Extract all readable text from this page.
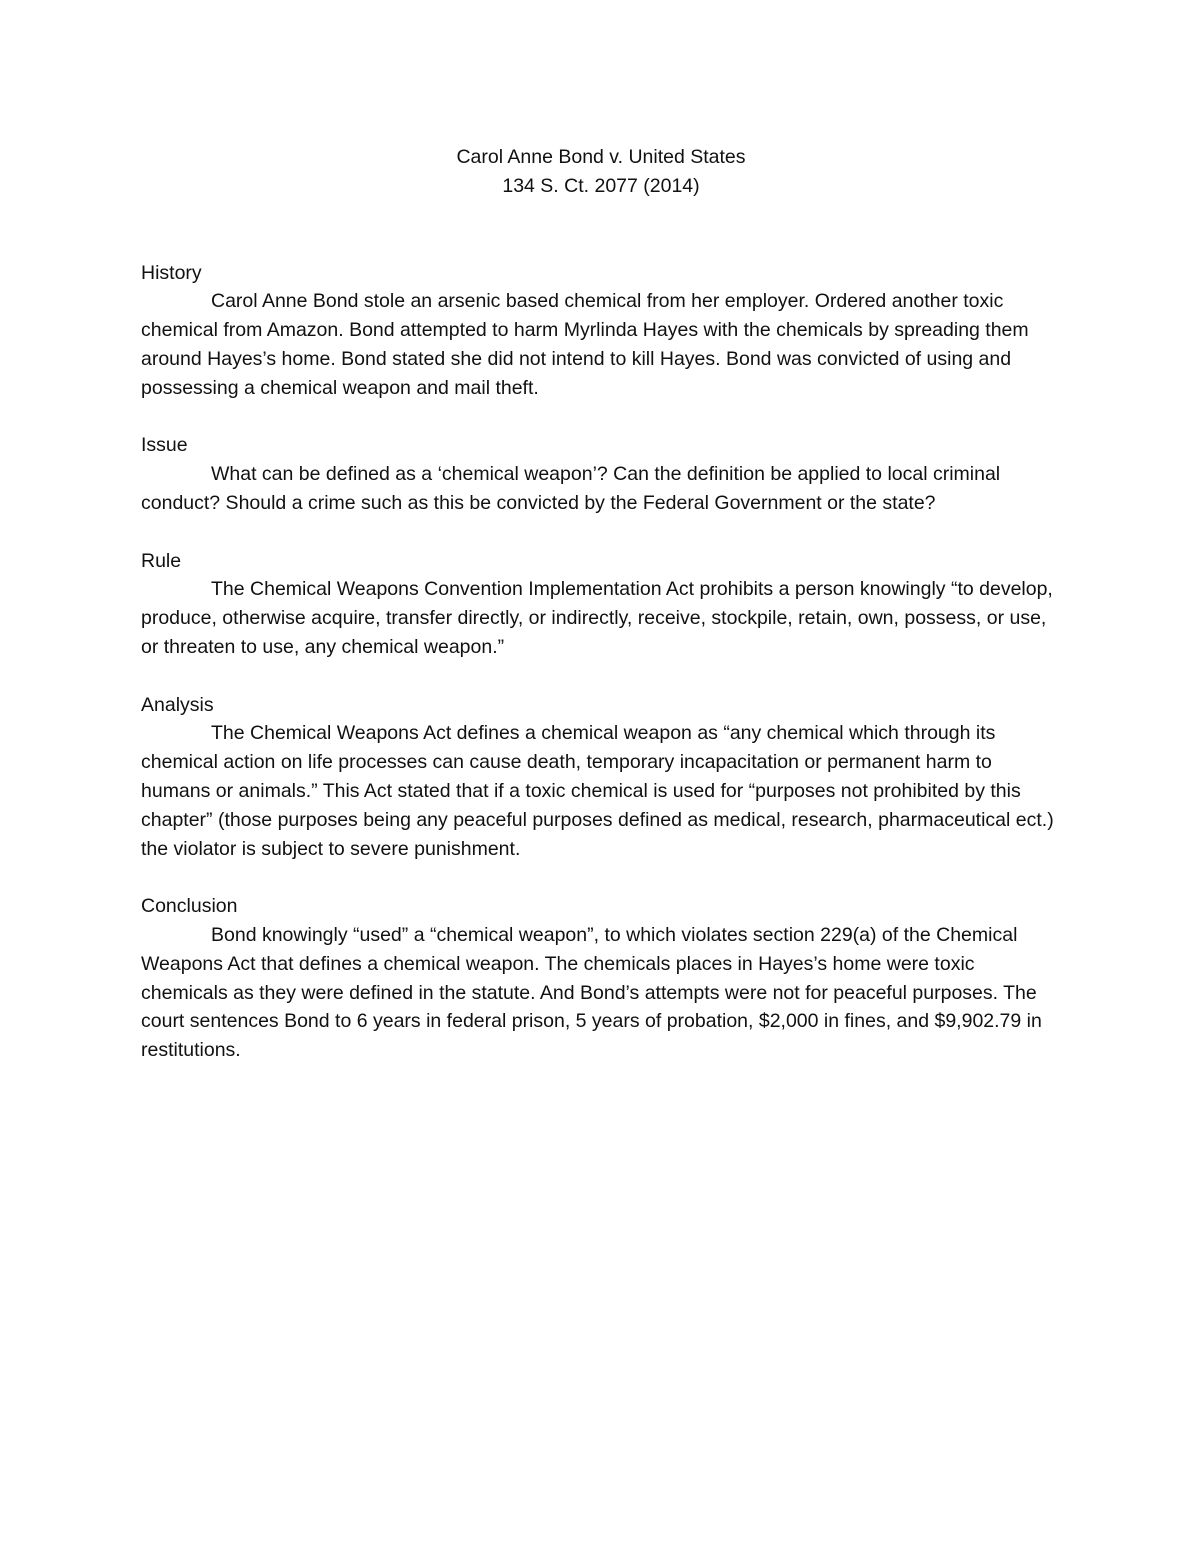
Carol Anne Bond v. United States
134 S. Ct. 2077 (2014)
History
Carol Anne Bond stole an arsenic based chemical from her employer. Ordered another toxic chemical from Amazon. Bond attempted to harm Myrlinda Hayes with the chemicals by spreading them around Hayes’s home. Bond stated she did not intend to kill Hayes. Bond was convicted of using and possessing a chemical weapon and mail theft.
Issue
What can be defined as a ‘chemical weapon’? Can the definition be applied to local criminal conduct? Should a crime such as this be convicted by the Federal Government or the state?
Rule
The Chemical Weapons Convention Implementation Act prohibits a person knowingly “to develop, produce, otherwise acquire, transfer directly, or indirectly, receive, stockpile, retain, own, possess, or use, or threaten to use, any chemical weapon.”
Analysis
The Chemical Weapons Act defines a chemical weapon as “any chemical which through its chemical action on life processes can cause death, temporary incapacitation or permanent harm to humans or animals.” This Act stated that if a toxic chemical is used for “purposes not prohibited by this chapter” (those purposes being any peaceful purposes defined as medical, research, pharmaceutical ect.) the violator is subject to severe punishment.
Conclusion
Bond knowingly “used” a “chemical weapon”, to which violates section 229(a) of the Chemical Weapons Act that defines a chemical weapon. The chemicals places in Hayes’s home were toxic chemicals as they were defined in the statute. And Bond’s attempts were not for peaceful purposes. The court sentences Bond to 6 years in federal prison, 5 years of probation, $2,000 in fines, and $9,902.79 in restitutions.
